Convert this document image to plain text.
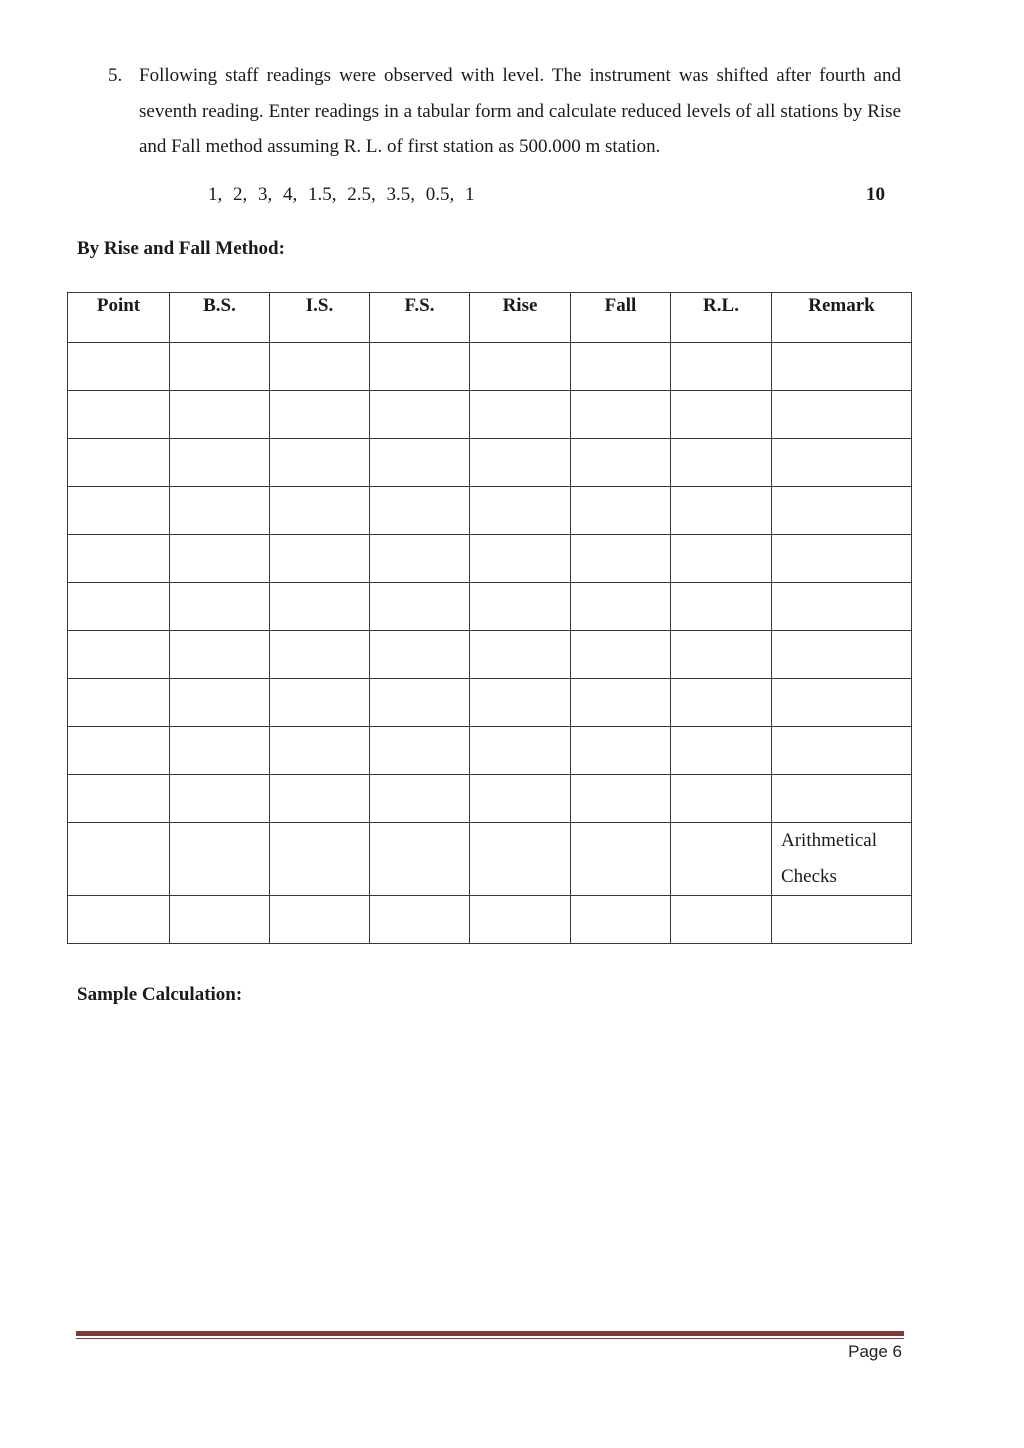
5. Following staff readings were observed with level. The instrument was shifted after fourth and seventh reading. Enter readings in a tabular form and calculate reduced levels of all stations by Rise and Fall method assuming R. L. of first station as 500.000 m station.
1, 2, 3, 4, 1.5, 2.5, 3.5, 0.5, 1	10
By Rise and Fall Method:
Point	B.S.	I.S.	F.S.	Rise	Fall	R.L.	Remark

							Arithmetical
Checks

Sample Calculation:
Page 6
